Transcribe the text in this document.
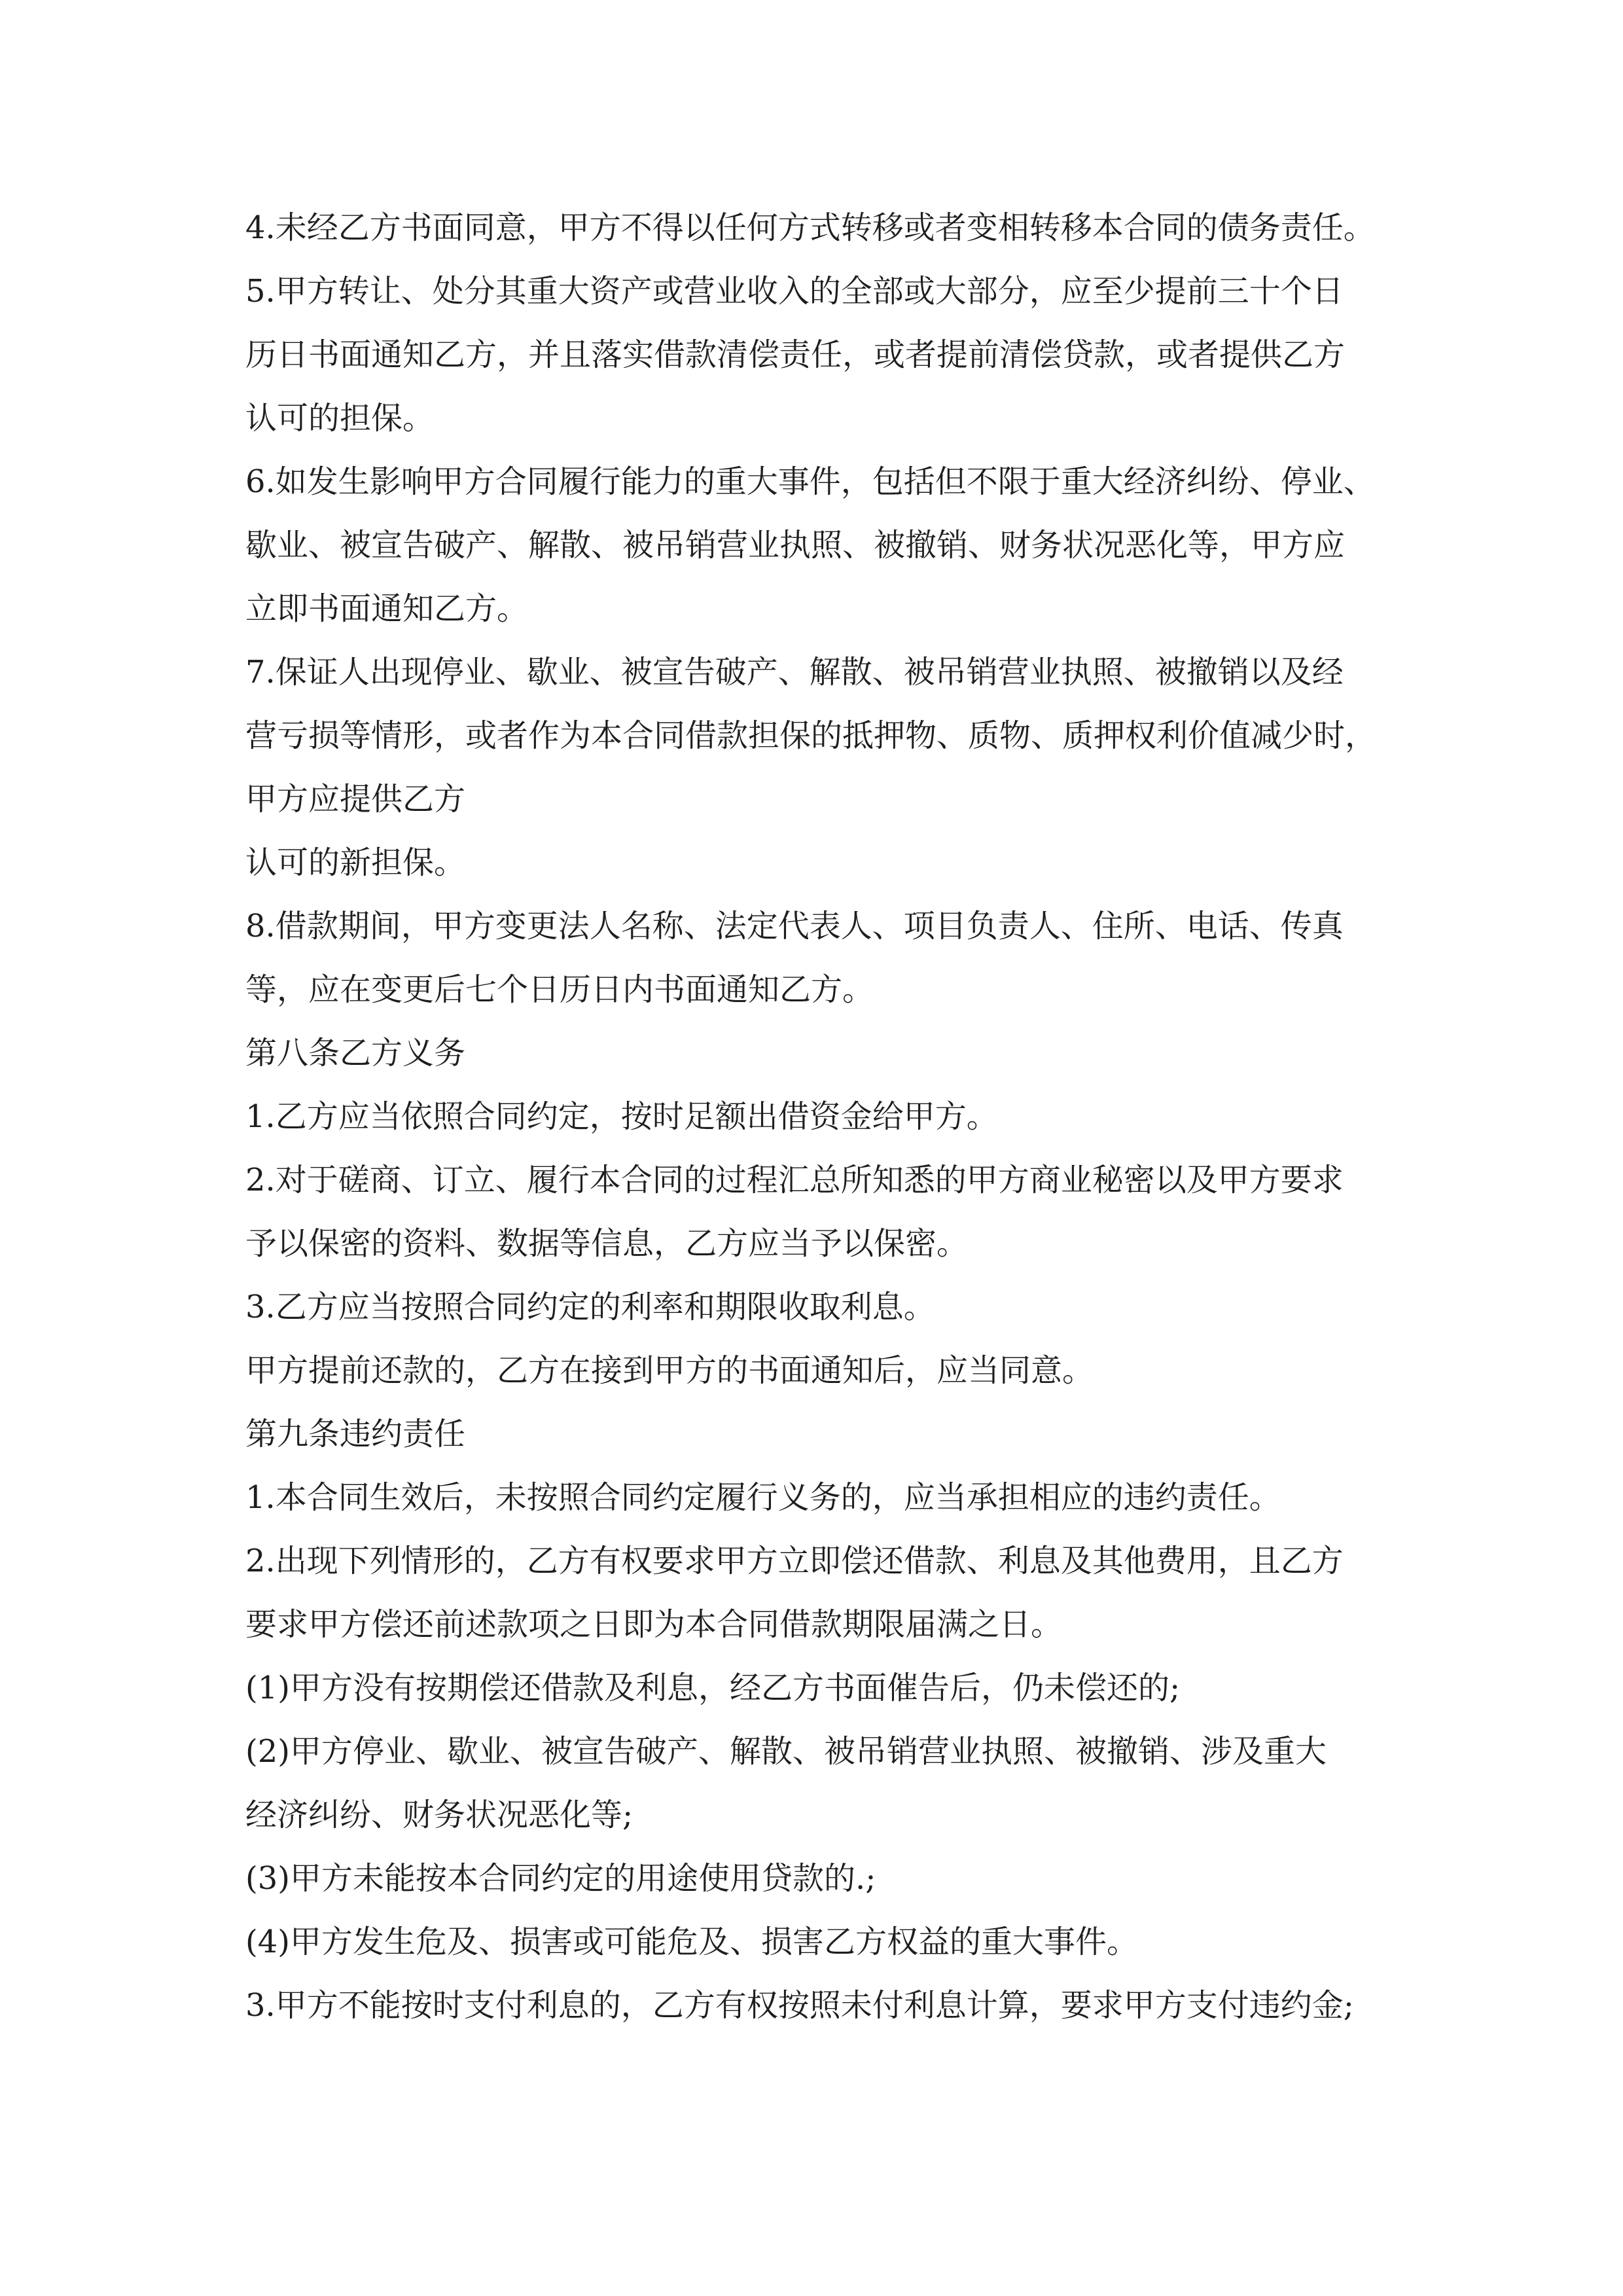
4.未经乙方书面同意，甲方不得以任何方式转移或者变相转移本合同的债务责任。
5.甲方转让、处分其重大资产或营业收入的全部或大部分，应至少提前三十个日
历日书面通知乙方，并且落实借款清偿责任，或者提前清偿贷款，或者提供乙方
认可的担保。
6.如发生影响甲方合同履行能力的重大事件，包括但不限于重大经济纠纷、停业、
歇业、被宣告破产、解散、被吊销营业执照、被撤销、财务状况恶化等，甲方应
立即书面通知乙方。
7.保证人出现停业、歇业、被宣告破产、解散、被吊销营业执照、被撤销以及经
营亏损等情形，或者作为本合同借款担保的抵押物、质物、质押权利价值减少时，
甲方应提供乙方
认可的新担保。
8.借款期间，甲方变更法人名称、法定代表人、项目负责人、住所、电话、传真
等，应在变更后七个日历日内书面通知乙方。
第八条乙方义务
1.乙方应当依照合同约定，按时足额出借资金给甲方。
2.对于磋商、订立、履行本合同的过程汇总所知悉的甲方商业秘密以及甲方要求
予以保密的资料、数据等信息，乙方应当予以保密。
3.乙方应当按照合同约定的利率和期限收取利息。
甲方提前还款的，乙方在接到甲方的书面通知后，应当同意。
第九条违约责任
1.本合同生效后，未按照合同约定履行义务的，应当承担相应的违约责任。
2.出现下列情形的，乙方有权要求甲方立即偿还借款、利息及其他费用，且乙方
要求甲方偿还前述款项之日即为本合同借款期限届满之日。
(1)甲方没有按期偿还借款及利息，经乙方书面催告后，仍未偿还的;
(2)甲方停业、歇业、被宣告破产、解散、被吊销营业执照、被撤销、涉及重大
经济纠纷、财务状况恶化等;
(3)甲方未能按本合同约定的用途使用贷款的.;
(4)甲方发生危及、损害或可能危及、损害乙方权益的重大事件。
3.甲方不能按时支付利息的，乙方有权按照未付利息计算，要求甲方支付违约金;
